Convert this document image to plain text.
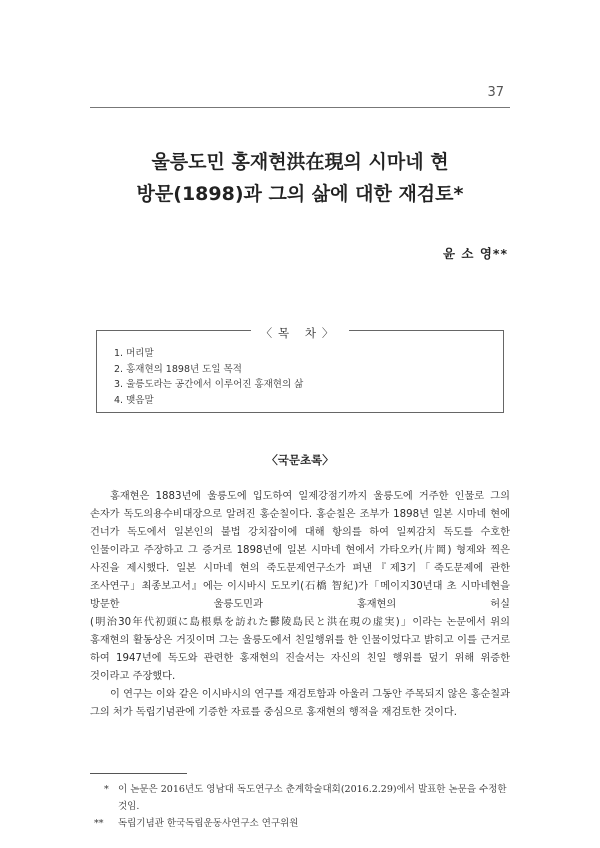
37
울릉도민 홍재현洪在現의 시마네 현
방문(1898)과 그의 삶에 대한 재검토*
윤 소 영**
〈목 차〉
1. 머리말
2. 홍재현의 1898년 도일 목적
3. 울릉도라는 공간에서 이루어진 홍재현의 삶
4. 맺음말
〈국문초록〉

홍재현은 1883년에 울릉도에 입도하여 일제강점기까지 울릉도에 거주한 인물로 그의 손자가 독도의용수비대장으로 알려진 홍순칠이다. 홍순칠은 조부가 1898년 일본 시마네 현에 건너가 독도에서 일본인의 불법 강치잡이에 대해 항의를 하여 일찌감치 독도를 수호한 인물이라고 주장하고 그 증거로 1898년에 일본 시마네 현에서 가타오카(片岡) 형제와 찍은 사진을 제시했다. 일본 시마네 현의 죽도문제연구소가 펴낸『제3기「죽도문제에 관한 조사연구」최종보고서』에는 이시바시 도모키(石橋 智紀)가「메이지30년대 초 시마네현을 방문한 울릉도민과 홍재현의 허실(明治30年代初頭に島根県を訪れた鬱陵島民と洪在現の虚実)」이라는 논문에서 위의 홍재현의 활동상은 거짓이며 그는 울릉도에서 친일행위를 한 인물이었다고 밝히고 이를 근거로 하여 1947년에 독도와 관련한 홍재현의 진술서는 자신의 친일 행위를 덮기 위해 위증한 것이라고 주장했다.

이 연구는 이와 같은 이시바시의 연구를 재검토함과 아울러 그동안 주목되지 않은 홍순칠과 그의 처가 독립기념관에 기증한 자료를 중심으로 홍재현의 행적을 재검토한 것이다.

* 이 논문은 2016년도 영남대 독도연구소 춘계학술대회(2016.2.29)에서 발표한 논문을 수정한 것임.
** 독립기념관 한국독립운동사연구소 연구위원
